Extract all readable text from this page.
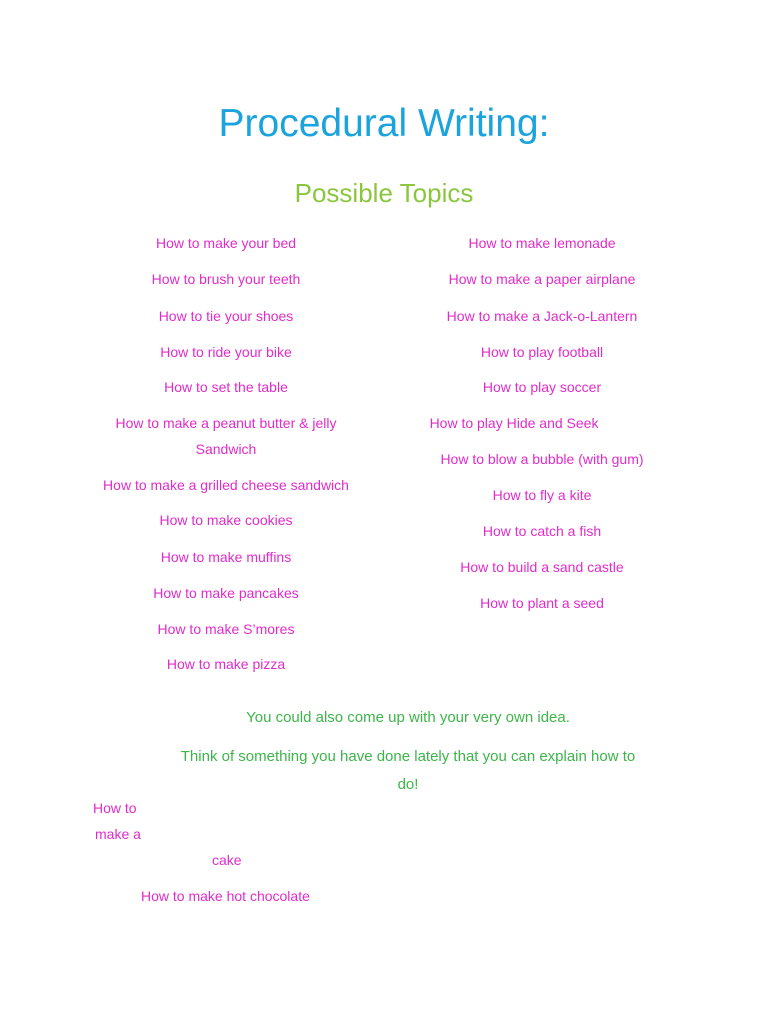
Procedural Writing:
Possible Topics
How to make your bed
How to brush your teeth
How to tie your shoes
How to ride your bike
How to set the table
How to make a peanut butter & jelly
Sandwich
How to make a grilled cheese sandwich
How to make cookies
How to make muffins
How to make pancakes
How to make S’mores
How to make pizza
How to make lemonade
How to make a paper airplane
How to make a Jack-o-Lantern
How to play football
How to play soccer
How to play Hide and Seek
How to blow a bubble (with gum)
How to fly a kite
How to catch a fish
How to build a sand castle
How to plant a seed
You could also come up with your very own idea.
Think of something you have done lately that you can explain how to
do!
How to
make a
cake
How to make hot chocolate
